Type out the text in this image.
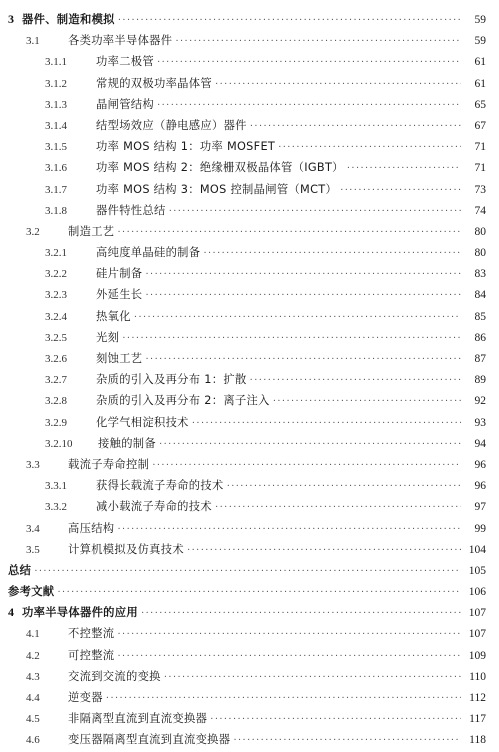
3 器件、制造和模拟 ·····	59
3.1	各类功率半导体器件 ·····	59
3.1.1	功率二极管 ·····	61
3.1.2	常规的双极功率晶体管 ·····	61
3.1.3	晶闸管结构 ·····	65
3.1.4	结型场效应（静电感应）器件 ·····	67
3.1.5	功率 MOS 结构 1：功率 MOSFET ·····	71
3.1.6	功率 MOS 结构 2：绝缘栅双极晶体管（IGBT） ·····	71
3.1.7	功率 MOS 结构 3：MOS 控制晶闸管（MCT） ·····	73
3.1.8	器件特性总结 ·····	74
3.2	制造工艺 ·····	80
3.2.1	高纯度单晶硅的制备 ·····	80
3.2.2	硅片制备 ·····	83
3.2.3	外延生长 ·····	84
3.2.4	热氧化 ·····	85
3.2.5	光刻 ·····	86
3.2.6	刻蚀工艺 ·····	87
3.2.7	杂质的引入及再分布 1：扩散 ·····	89
3.2.8	杂质的引入及再分布 2：离子注入 ·····	92
3.2.9	化学气相淀积技术 ·····	93
3.2.10	接触的制备 ·····	94
3.3	载流子寿命控制 ·····	96
3.3.1	获得长载流子寿命的技术 ·····	96
3.3.2	减小载流子寿命的技术 ·····	97
3.4	高压结构 ·····	99
3.5	计算机模拟及仿真技术 ·····	104
总结 ·····	105
参考文献 ·····	106
4 功率半导体器件的应用 ·····	107
4.1	不控整流 ·····	107
4.2	可控整流 ·····	109
4.3	交流到交流的变换 ·····	110
4.4	逆变器 ·····	112
4.5	非隔离型直流到直流变换器 ·····	117
4.6	变压器隔离型直流到直流变换器 ·····	118
